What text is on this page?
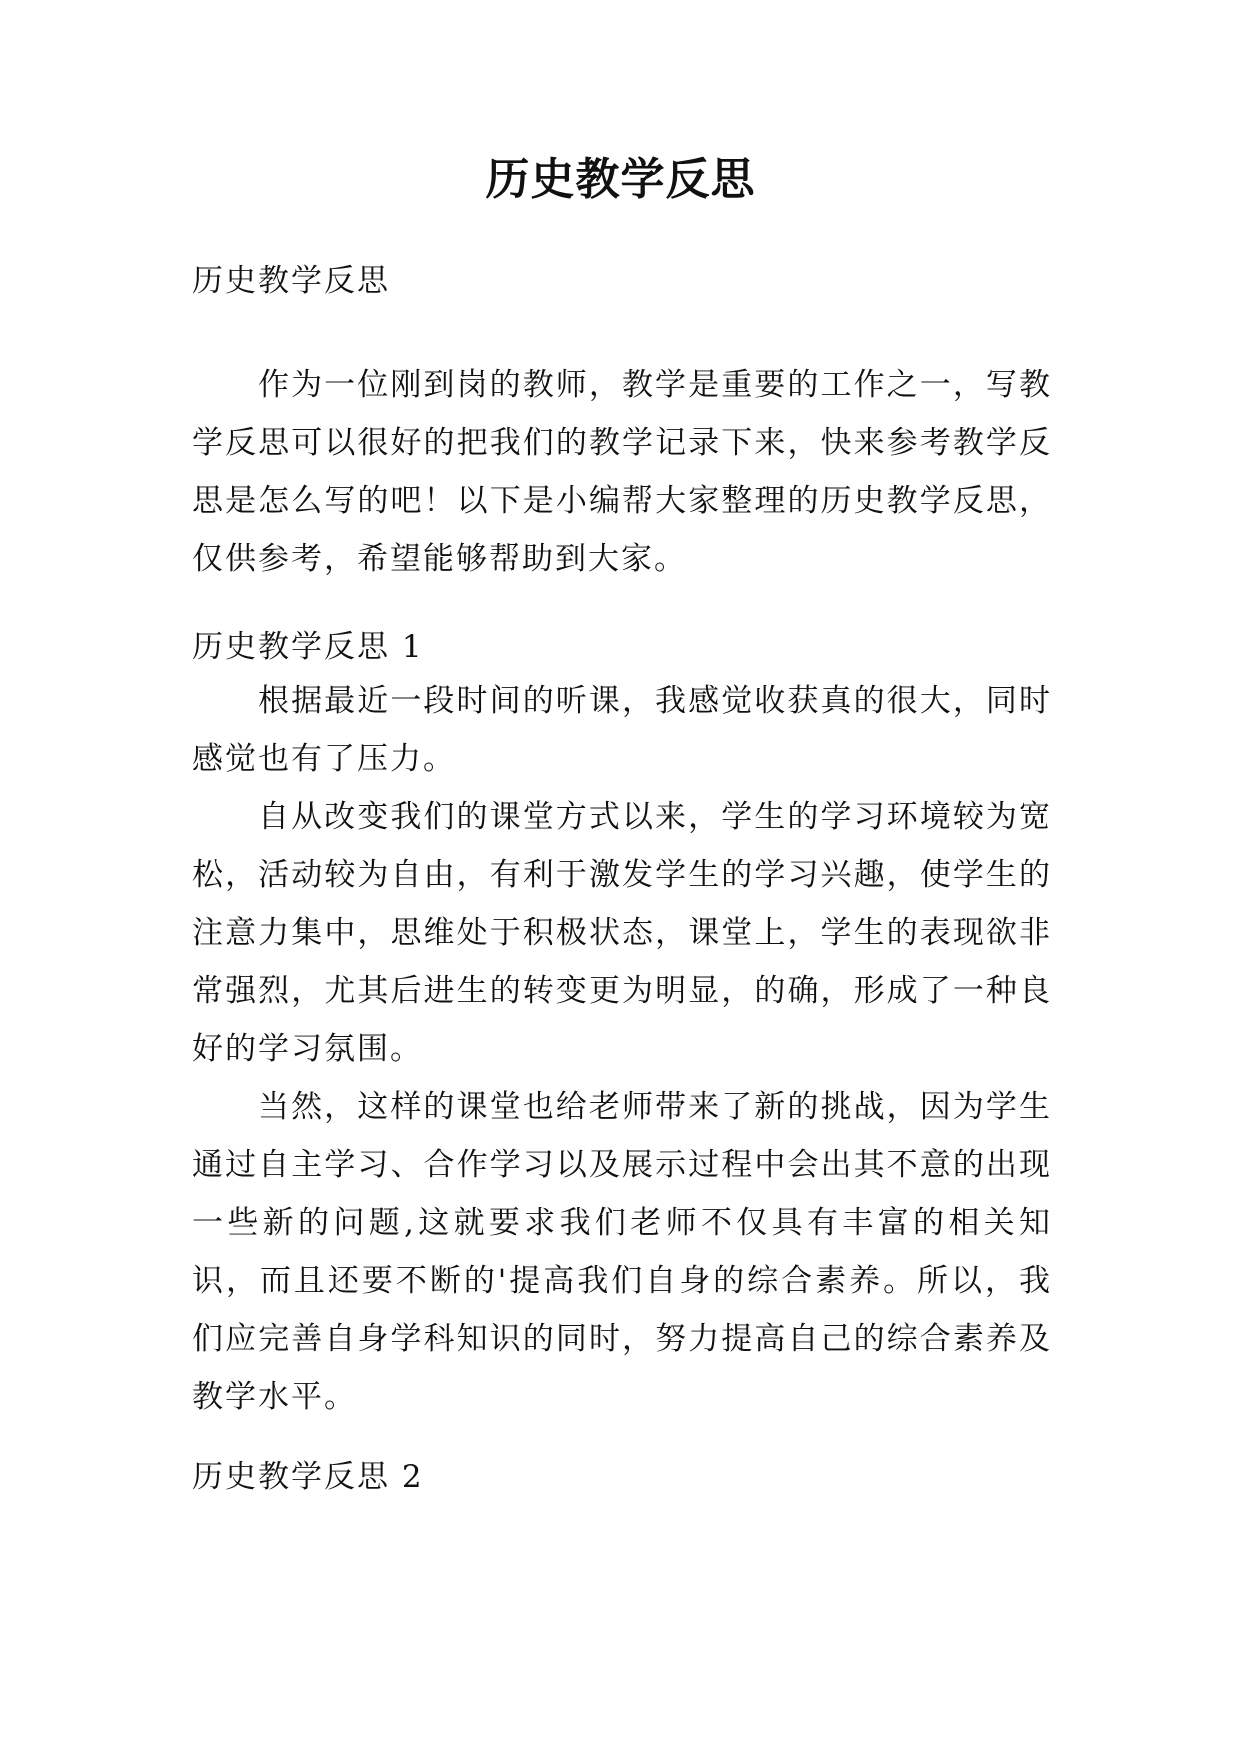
历史教学反思

历史教学反思

作为一位刚到岗的教师，教学是重要的工作之一，写教学反思可以很好的把我们的教学记录下来，快来参考教学反思是怎么写的吧！以下是小编帮大家整理的历史教学反思，仅供参考，希望能够帮助到大家。

历史教学反思 1

根据最近一段时间的听课，我感觉收获真的很大，同时感觉也有了压力。

自从改变我们的课堂方式以来，学生的学习环境较为宽松，活动较为自由，有利于激发学生的学习兴趣，使学生的注意力集中，思维处于积极状态，课堂上，学生的表现欲非常强烈，尤其后进生的转变更为明显，的确，形成了一种良好的学习氛围。

当然，这样的课堂也给老师带来了新的挑战，因为学生通过自主学习、合作学习以及展示过程中会出其不意的出现一些新的问题,这就要求我们老师不仅具有丰富的相关知识，而且还要不断的'提高我们自身的综合素养。所以，我们应完善自身学科知识的同时，努力提高自己的综合素养及教学水平。

历史教学反思 2
